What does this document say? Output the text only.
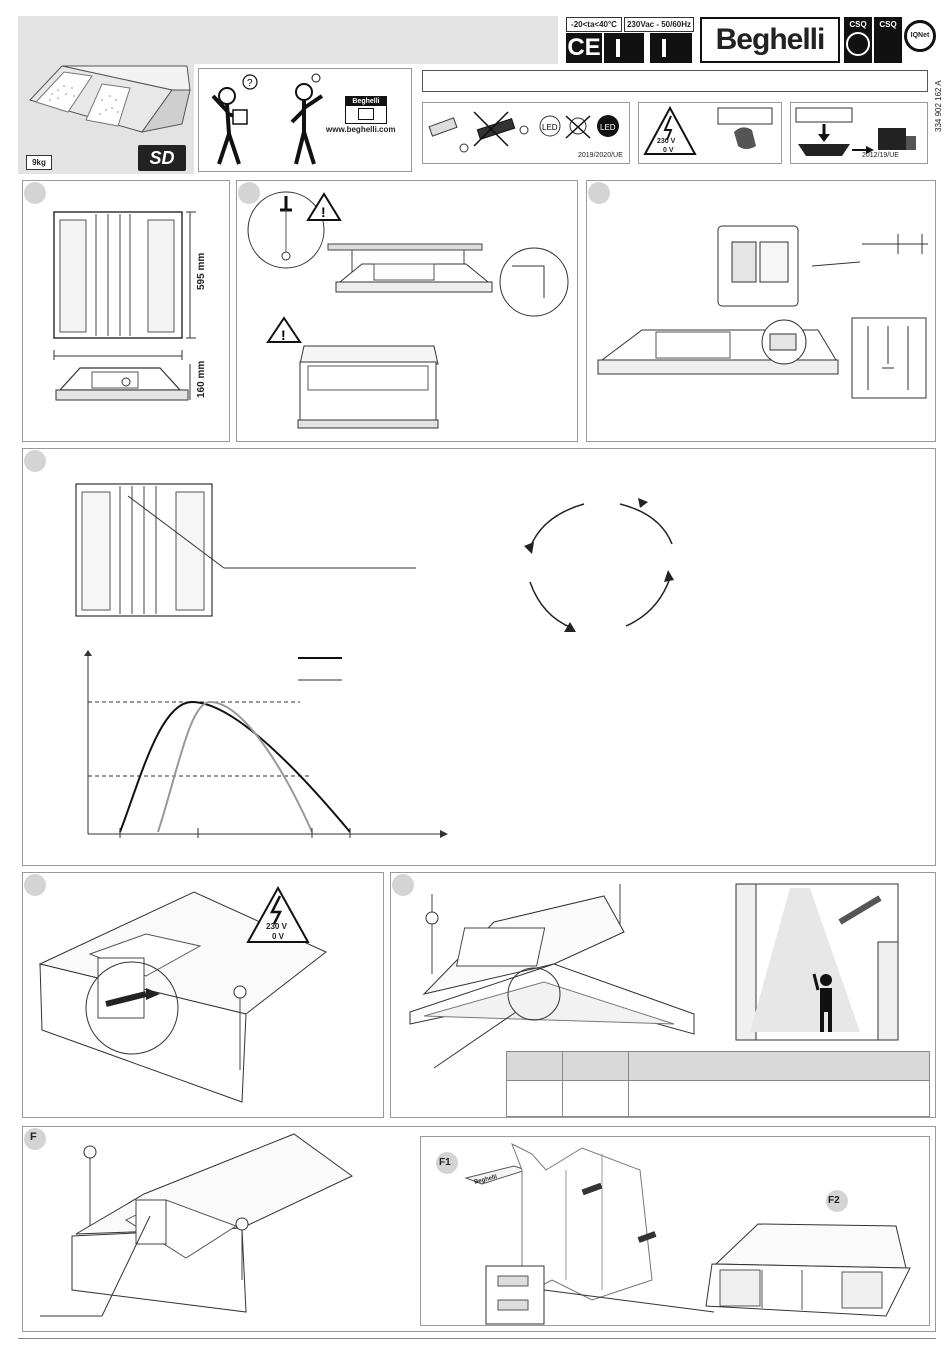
9kg	SD
-20<ta<40°C	230Vac - 50/60Hz
CE	Beghelli	CSQ	CSQ
IQNet
?
Beghelli
www.beghelli.com	LED	LED
2019/2020/UE
230 V
0 V
2012/19/UE
334 902 162 A
595 mm
160 mm
!
!
230 V
0 V
F
F1
F2
Beghelli
